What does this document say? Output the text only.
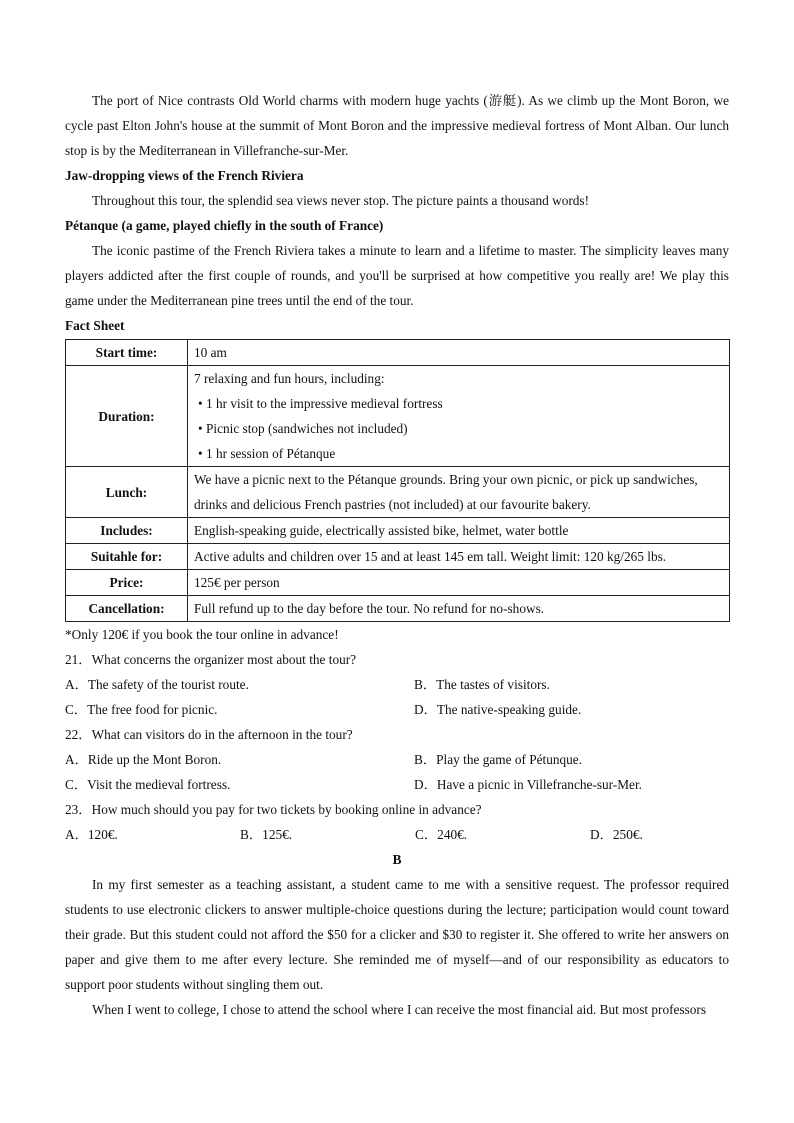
The port of Nice contrasts Old World charms with modern huge yachts (游艇). As we climb up the Mont Boron, we cycle past Elton John's house at the summit of Mont Boron and the impressive medieval fortress of Mont Alban. Our lunch stop is by the Mediterranean in Villefranche-sur-Mer.

Jaw-dropping views of the French Riviera

Throughout this tour, the splendid sea views never stop. The picture paints a thousand words!

Pétanque (a game, played chiefly in the south of France)

The iconic pastime of the French Riviera takes a minute to learn and a lifetime to master. The simplicity leaves many players addicted after the first couple of rounds, and you'll be surprised at how competitive you really are! We play this game under the Mediterranean pine trees until the end of the tour.

Fact Sheet

Start time:	10 am
Duration:	7 relaxing and fun hours, including:
• 1 hr visit to the impressive medieval fortress
• Picnic stop (sandwiches not included)
• 1 hr session of Pétanque

Lunch:	We have a picnic next to the Pétanque grounds. Bring your own picnic, or pick up sandwiches, drinks and delicious French pastries (not included) at our favourite bakery.
Includes:	English-speaking guide, electrically assisted bike, helmet, water bottle
Suitahle for:	Active adults and children over 15 and at least 145 em tall. Weight limit: 120 kg/265 lbs.
Price:	125€ per person
Cancellation:	Full refund up to the day before the tour. No refund for no-shows.

*Only 120€ if you book the tour online in advance!

21．What concerns the organizer most about the tour?

A．The safety of the tourist route.	B．The tastes of visitors.
C．The free food for picnic.	D．The native-speaking guide.

22．What can visitors do in the afternoon in the tour?

A．Ride up the Mont Boron.	B．Play the game of Pétunque.
C．Visit the medieval fortress.	D．Have a picnic in Villefranche-sur-Mer.

23．How much should you pay for two tickets by booking online in advance?

A．120€.	B．125€.	C．240€.	D．250€.

B

In my first semester as a teaching assistant, a student came to me with a sensitive request. The professor required students to use electronic clickers to answer multiple-choice questions during the lecture; participation would count toward their grade. But this student could not afford the $50 for a clicker and $30 to register it. She offered to write her answers on paper and give them to me after every lecture. She reminded me of myself—and of our responsibility as educators to support poor students without singling them out.

When I went to college, I chose to attend the school where I can receive the most financial aid. But most professors
